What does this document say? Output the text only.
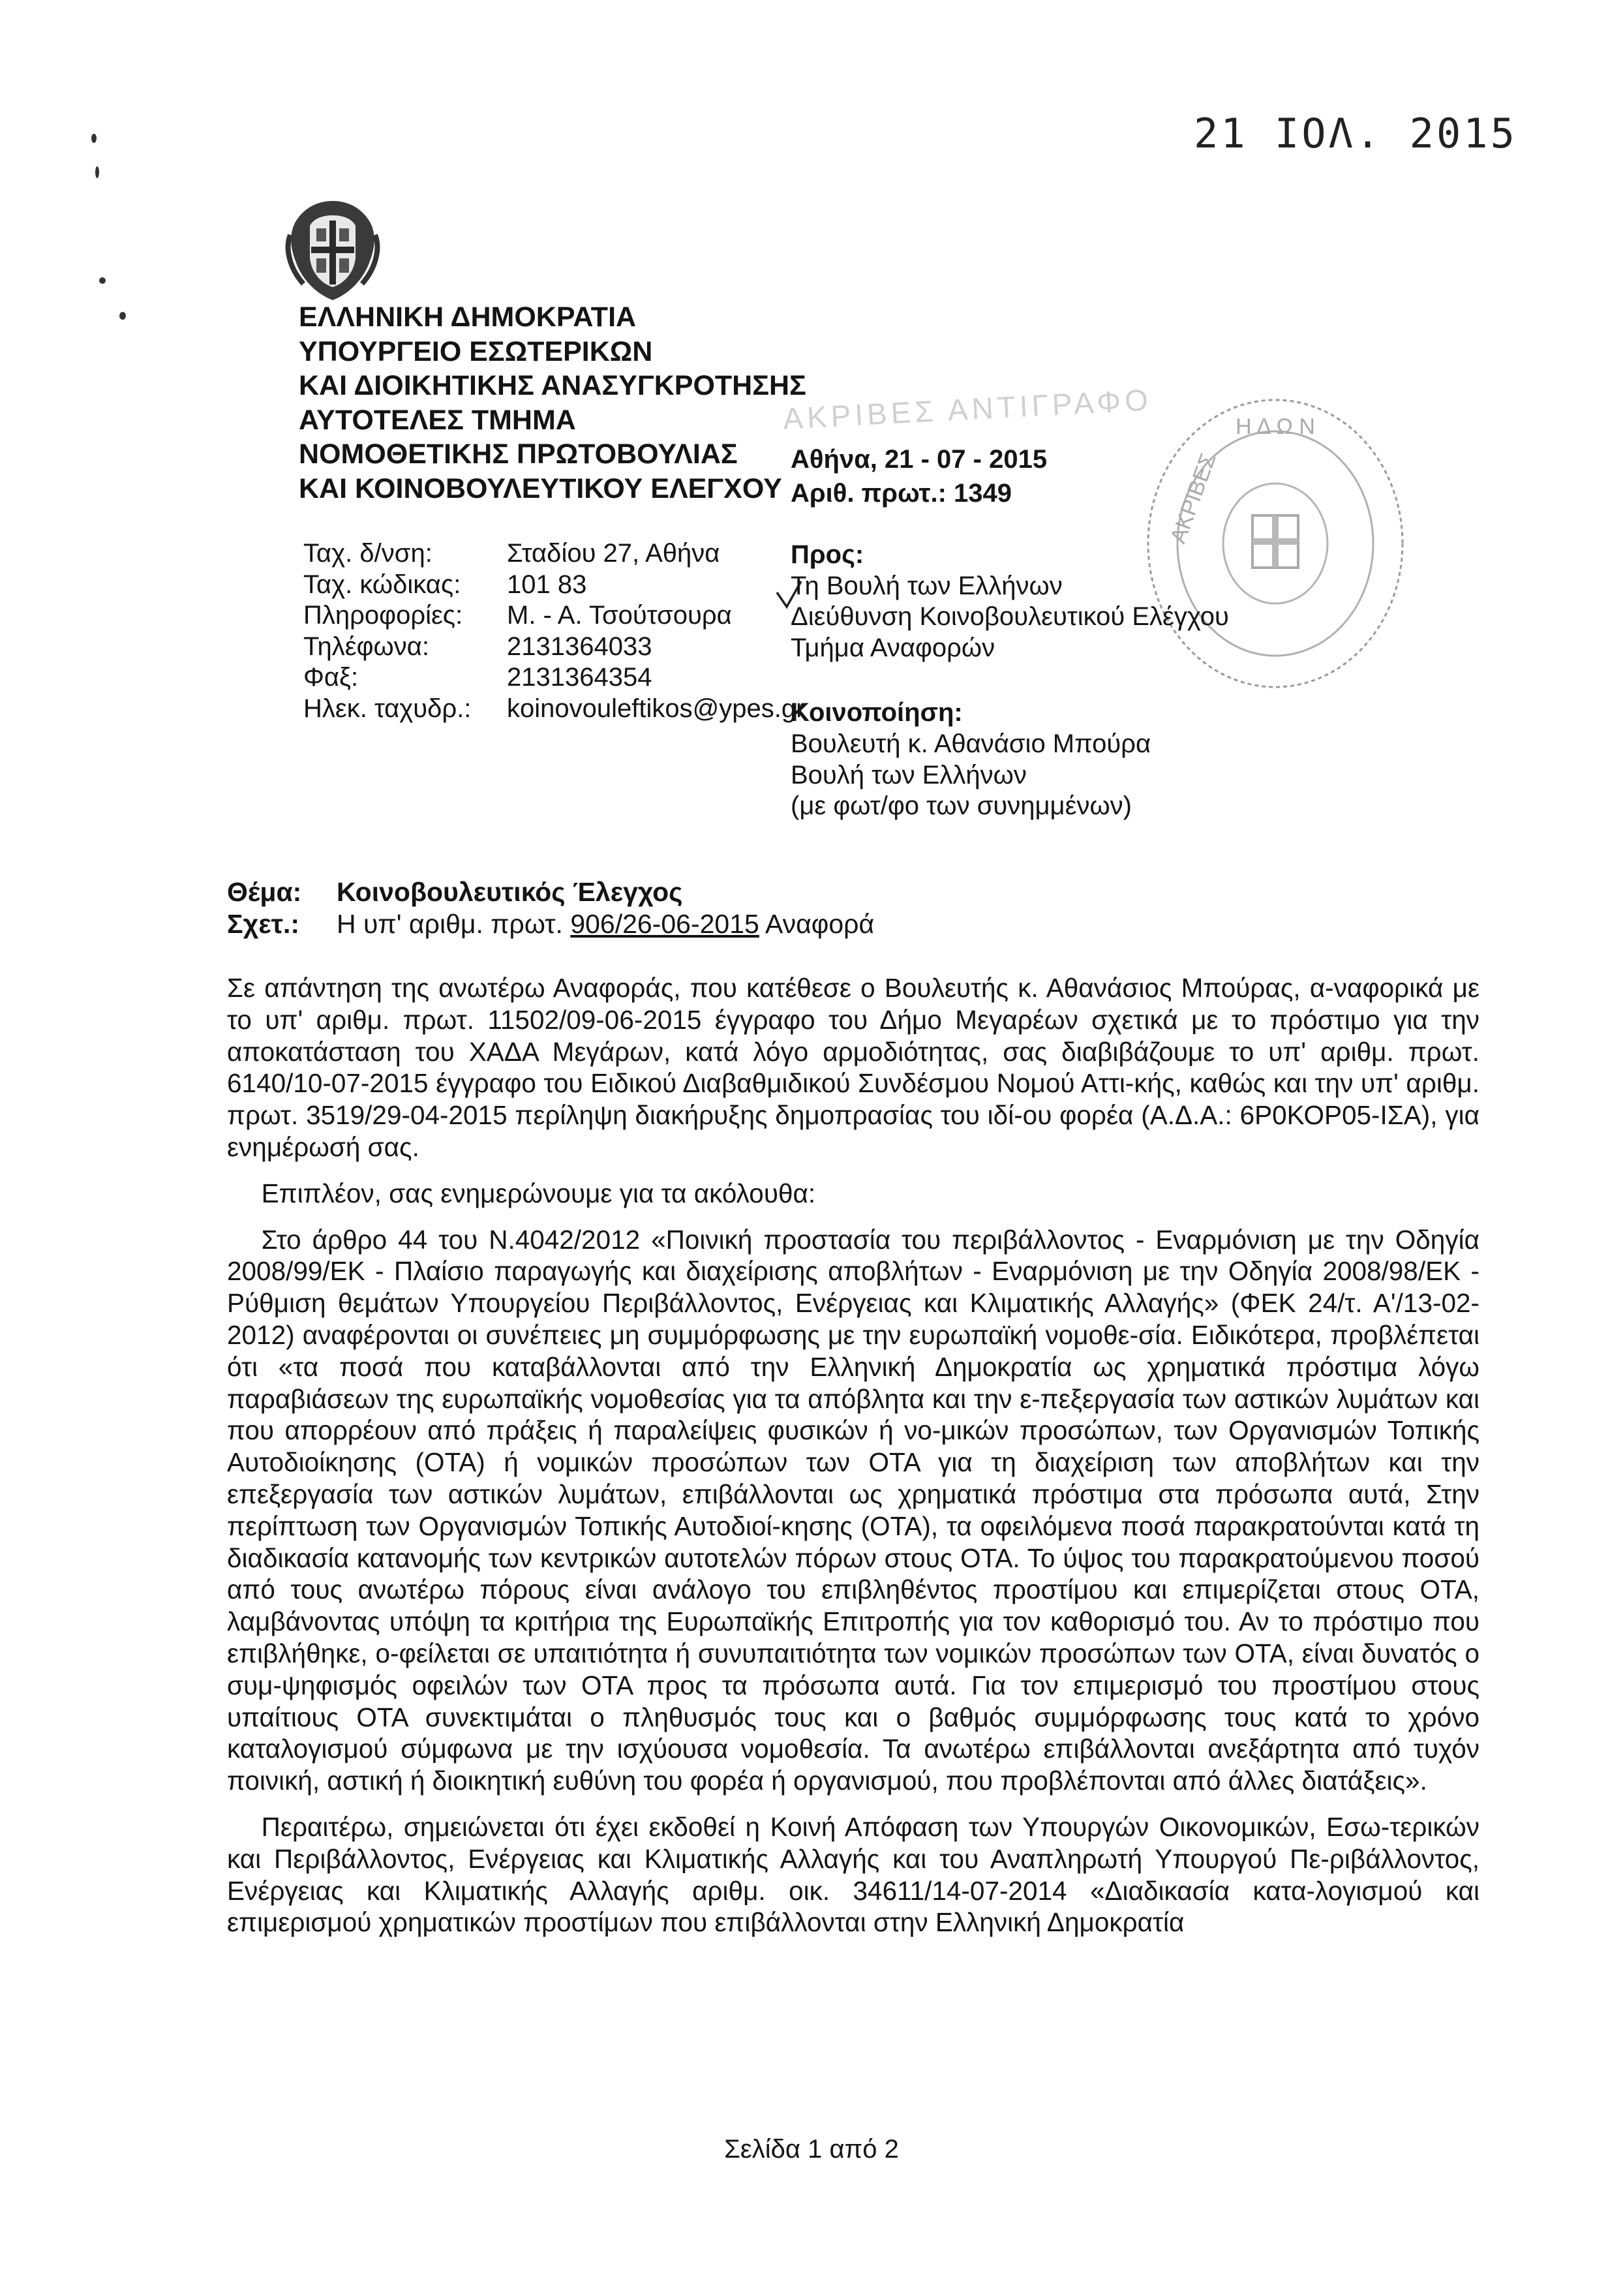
21 ΙΟΛ. 2015
ΕΛΛΗΝΙΚΗ ΔΗΜΟΚΡΑΤΙΑ
ΥΠΟΥΡΓΕΙΟ ΕΣΩΤΕΡΙΚΩΝ
ΚΑΙ ΔΙΟΙΚΗΤΙΚΗΣ ΑΝΑΣΥΓΚΡΟΤΗΣΗΣ
ΑΥΤΟΤΕΛΕΣ ΤΜΗΜΑ
ΝΟΜΟΘΕΤΙΚΗΣ ΠΡΩΤΟΒΟΥΛΙΑΣ
ΚΑΙ ΚΟΙΝΟΒΟΥΛΕΥΤΙΚΟΥ ΕΛΕΓΧΟΥ
Ταχ. δ/νση:	Σταδίου 27, Αθήνα
Ταχ. κώδικας:	101 83
Πληροφορίες:	Μ. - Α. Τσούτσουρα
Τηλέφωνα:	2131364033
Φαξ:	2131364354
Ηλεκ. ταχυδρ.:	koinovouleftikos@ypes.gr
ΑΚΡΙΒΕΣ ΑΝΤΙΓΡΑΦΟ	Η Δ Ω Ν
ΑΚΡΙΒΕΣ
Αθήνα, 21 - 07 - 2015
Αριθ. πρωτ.: 1349
Προς:
Τη Βουλή των Ελλήνων
Διεύθυνση Κοινοβουλευτικού Ελέγχου
Τμήμα Αναφορών
Κοινοποίηση:
Βουλευτή κ. Αθανάσιο Μπούρα
Βουλή των Ελλήνων
(με φωτ/φο των συνημμένων)
Θέμα: Κοινοβουλευτικός Έλεγχος
Σχετ.: Η υπ' αριθμ. πρωτ. 906/26-06-2015 Αναφορά

Σε απάντηση της ανωτέρω Αναφοράς, που κατέθεσε ο Βουλευτής κ. Αθανάσιος Μπούρας, α-ναφορικά με το υπ' αριθμ. πρωτ. 11502/09-06-2015 έγγραφο του Δήμο Μεγαρέων σχετικά με το πρόστιμο για την αποκατάσταση του ΧΑΔΑ Μεγάρων, κατά λόγο αρμοδιότητας, σας διαβιβάζουμε το υπ' αριθμ. πρωτ. 6140/10-07-2015 έγγραφο του Ειδικού Διαβαθμιδικού Συνδέσμου Νομού Αττι-κής, καθώς και την υπ' αριθμ. πρωτ. 3519/29-04-2015 περίληψη διακήρυξης δημοπρασίας του ιδί-ου φορέα (Α.Δ.Α.: 6Ρ0ΚΟΡ05-ΙΣΑ), για ενημέρωσή σας.

Επιπλέον, σας ενημερώνουμε για τα ακόλουθα:

Στο άρθρο 44 του Ν.4042/2012 «Ποινική προστασία του περιβάλλοντος - Εναρμόνιση με την Οδηγία 2008/99/ΕΚ - Πλαίσιο παραγωγής και διαχείρισης αποβλήτων - Εναρμόνιση με την Οδηγία 2008/98/ΕΚ - Ρύθμιση θεμάτων Υπουργείου Περιβάλλοντος, Ενέργειας και Κλιματικής Αλλαγής» (ΦΕΚ 24/τ. Α'/13-02-2012) αναφέρονται οι συνέπειες μη συμμόρφωσης με την ευρωπαϊκή νομοθε-σία. Ειδικότερα, προβλέπεται ότι «τα ποσά που καταβάλλονται από την Ελληνική Δημοκρατία ως χρηματικά πρόστιμα λόγω παραβιάσεων της ευρωπαϊκής νομοθεσίας για τα απόβλητα και την ε-πεξεργασία των αστικών λυμάτων και που απορρέουν από πράξεις ή παραλείψεις φυσικών ή νο-μικών προσώπων, των Οργανισμών Τοπικής Αυτοδιοίκησης (ΟΤΑ) ή νομικών προσώπων των ΟΤΑ για τη διαχείριση των αποβλήτων και την επεξεργασία των αστικών λυμάτων, επιβάλλονται ως χρηματικά πρόστιμα στα πρόσωπα αυτά, Στην περίπτωση των Οργανισμών Τοπικής Αυτοδιοί-κησης (ΟΤΑ), τα οφειλόμενα ποσά παρακρατούνται κατά τη διαδικασία κατανομής των κεντρικών αυτοτελών πόρων στους ΟΤΑ. Το ύψος του παρακρατούμενου ποσού από τους ανωτέρω πόρους είναι ανάλογο του επιβληθέντος προστίμου και επιμερίζεται στους ΟΤΑ, λαμβάνοντας υπόψη τα κριτήρια της Ευρωπαϊκής Επιτροπής για τον καθορισμό του. Αν το πρόστιμο που επιβλήθηκε, ο-φείλεται σε υπαιτιότητα ή συνυπαιτιότητα των νομικών προσώπων των ΟΤΑ, είναι δυνατός ο συμ-ψηφισμός οφειλών των ΟΤΑ προς τα πρόσωπα αυτά. Για τον επιμερισμό του προστίμου στους υπαίτιους ΟΤΑ συνεκτιμάται ο πληθυσμός τους και ο βαθμός συμμόρφωσης τους κατά το χρόνο καταλογισμού σύμφωνα με την ισχύουσα νομοθεσία. Τα ανωτέρω επιβάλλονται ανεξάρτητα από τυχόν ποινική, αστική ή διοικητική ευθύνη του φορέα ή οργανισμού, που προβλέπονται από άλλες διατάξεις».

Περαιτέρω, σημειώνεται ότι έχει εκδοθεί η Κοινή Απόφαση των Υπουργών Οικονομικών, Εσω-τερικών και Περιβάλλοντος, Ενέργειας και Κλιματικής Αλλαγής και του Αναπληρωτή Υπουργού Πε-ριβάλλοντος, Ενέργειας και Κλιματικής Αλλαγής αριθμ. οικ. 34611/14-07-2014 «Διαδικασία κατα-λογισμού και επιμερισμού χρηματικών προστίμων που επιβάλλονται στην Ελληνική Δημοκρατία

Σελίδα 1 από 2
